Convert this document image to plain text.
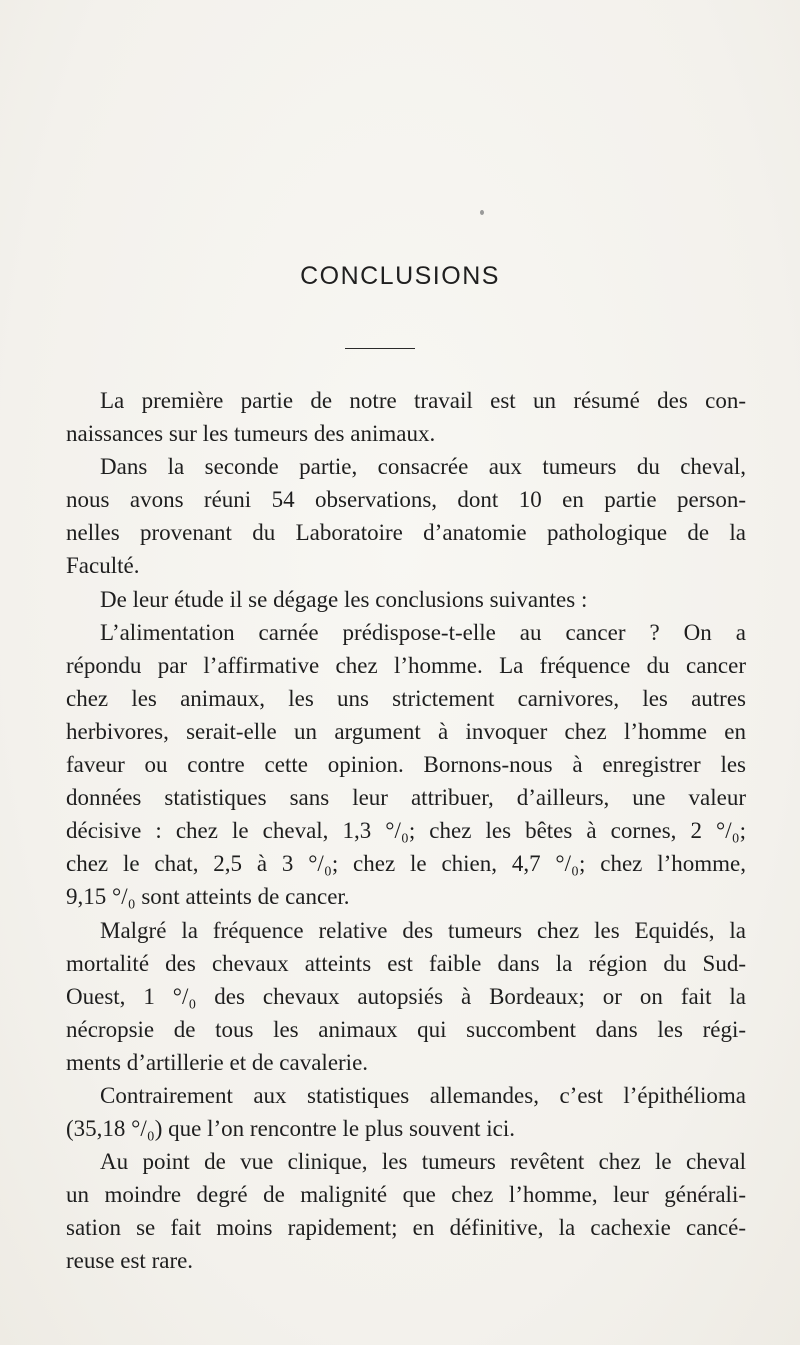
CONCLUSIONS
La première partie de notre travail est un résumé des con-
naissances sur les tumeurs des animaux.
Dans la seconde partie, consacrée aux tumeurs du cheval,
nous avons réuni 54 observations, dont 10 en partie person-
nelles provenant du Laboratoire d’anatomie pathologique de la
Faculté.
De leur étude il se dégage les conclusions suivantes :
L’alimentation carnée prédispose-t-elle au cancer ? On a
répondu par l’affirmative chez l’homme. La fréquence du cancer
chez les animaux, les uns strictement carnivores, les autres
herbivores, serait-elle un argument à invoquer chez l’homme en
faveur ou contre cette opinion. Bornons-nous à enregistrer les
données statistiques sans leur attribuer, d’ailleurs, une valeur
décisive : chez le cheval, 1,3 °/₀; chez les bêtes à cornes, 2 °/₀;
chez le chat, 2,5 à 3 °/₀; chez le chien, 4,7 °/₀; chez l’homme,
9,15 °/₀ sont atteints de cancer.
Malgré la fréquence relative des tumeurs chez les Equidés, la
mortalité des chevaux atteints est faible dans la région du Sud-
Ouest, 1 °/₀ des chevaux autopsiés à Bordeaux; or on fait la
nécropsie de tous les animaux qui succombent dans les régi-
ments d’artillerie et de cavalerie.
Contrairement aux statistiques allemandes, c’est l’épithélioma
(35,18 °/₀) que l’on rencontre le plus souvent ici.
Au point de vue clinique, les tumeurs revêtent chez le cheval
un moindre degré de malignité que chez l’homme, leur générali-
sation se fait moins rapidement; en définitive, la cachexie cancé-
reuse est rare.
